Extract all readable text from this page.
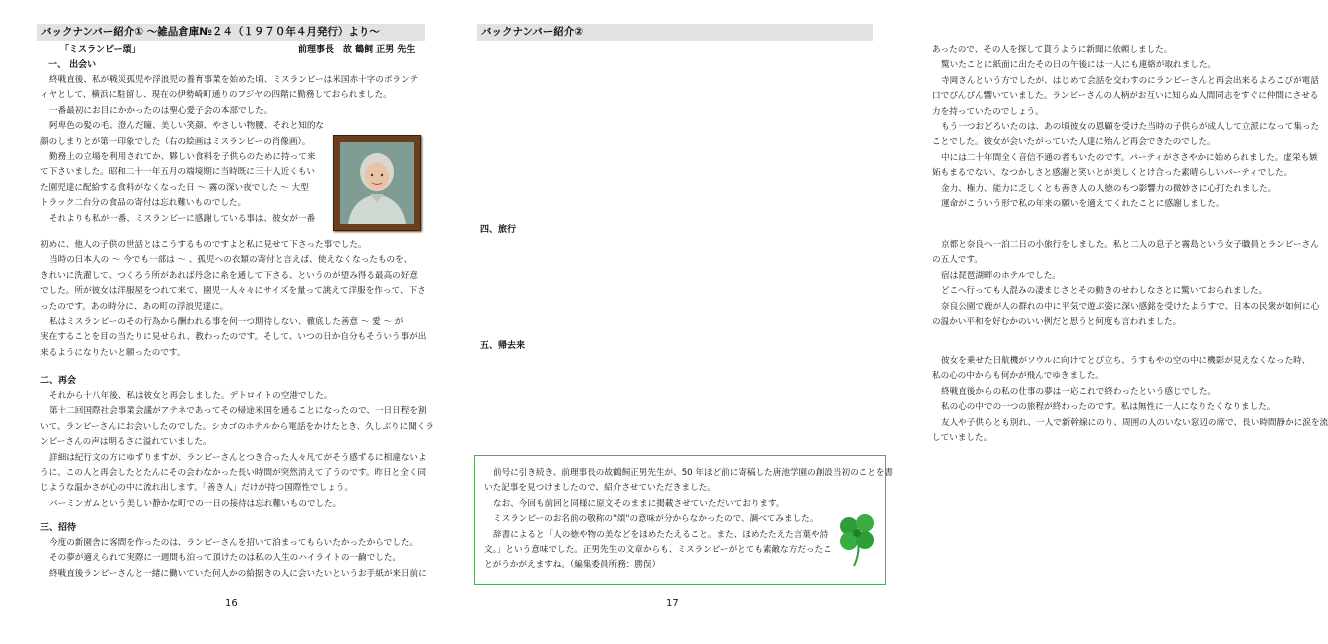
バックナンバー紹介① 〜雑品倉庫№２４（１９７０年４月発行）より〜
「ミスランピー頌」	前理事長　故 鶴飼 正男 先生
一、 出会い
終戦直後、私が戦災孤児や浮浪児の養育事業を始めた頃、ミスランピーは米国赤十字のボランテ
ィヤとして、横浜に駐留し、現在の伊勢崎町通りのフジヤの四階に勤務しておられました。
一番最初にお目にかかったのは聖心愛子会の本部でした。
阿卑色の髪の毛、澄んだ瞳、美しい笑顔、やさしい物腰、それと知的な
顔のしまりとが第一印象でした（右の絵画はミスランピーの肖像画）。
勤務上の立場を利用されてか、夥しい食料を子供らのために持って来
て下さいました。昭和二十一年五月の端境期に当時既に三十人近くもい
た園児達に配給する食料がなくなった日 〜 霧の深い夜でした 〜 大型
トラック二台分の食品の寄付は忘れ難いものでした。
それよりも私が一番、ミスランピーに感謝している事は、彼女が一番
初めに、他人の子供の世話とはこうするものですよと私に見せて下さった事でした。
当時の日本人の 〜 今でも一部は 〜 、孤児への衣類の寄付と言えば、使えなくなったものを、
きれいに洗濯して、つくろう所があれば丹念に糸を通して下さる、というのが望み得る最高の好意
でした。所が彼女は洋服屋をつれて来て、園児一人々々にサイズを量って誂えて洋服を作って、下さ
ったのです。あの時分に、あの町の浮浪児達に。
私はミスランピーのその行為から酬われる事を何一つ期待しない、徹底した善意 〜 愛 〜 が
実在することを目の当たりに見せられ、教わったのです。そして、いつの日か自分もそういう事が出
来るようになりたいと願ったのです。
二、再会
それから十八年後、私は彼女と再会しました。デトロイトの空港でした。
第十二回国際社会事業会議がアテネであってその帰途米国を通ることになったので、一日日程を割
いて、ランピーさんにお会いしたのでした。シカゴのホテルから電話をかけたとき、久しぶりに聞くラ
ンピーさんの声は明るさに溢れていました。
詳細は紀行文の方にゆずりますが、ランピーさんとつき合った人々凡てがそう感ずるに相違ないよ
うに、この人と再会したとたんにその会わなかった長い時間が突然消えて了うのです。昨日と全く同
じような温かさが心の中に流れ出します。「善き人」だけが持つ国際性でしょう。
バーミンガムという美しい静かな町での一日の接待は忘れ難いものでした。
三、招待
今度の新園舎に客間を作ったのは、ランピーさんを招いて泊まってもらいたかったからでした。
その夢が適えられて実際に一週間も泊って頂けたのは私の人生のハイライトの一齣でした。
終戦直後ランピーさんと一緒に働いていた何人かの給据きの人に会いたいというお手紙が来日前に
16
バックナンバー紹介②
あったので、その人を探して貰うように新聞に依頼しました。
驚いたことに紙面に出たその日の午後には一人にも連絡が取れました。
寺岡さんという方でしたが、はじめて会話を交わすのにランピーさんと再会出来るよろこびが電話
口でぴんぴん響いていました。ランピーさんの人柄がお互いに知らぬ人間同志をすぐに仲間にさせる
力を持っていたのでしょう。
もう一つおどろいたのは、あの頃彼女の恩顧を受けた当時の子供らが成人して立派になって集った
ことでした。彼女が会いたがっていた人達に殆んど再会できたのでした。
中には二十年間全く音信不通の者もいたのです。パーティがささやかに始められました。虚栄も嫉
妬もまるでない、なつかしさと感謝と笑いとが美しくとけ合った素晴らしいパーティでした。
金力、権力、能力に乏しくとも善き人の人徳のもつ影響力の微妙さに心打たれました。
運命がこういう形で私の年来の願いを適えてくれたことに感謝しました。
四、旅行
京都と奈良へ一泊二日の小旅行をしました。私と二人の息子と霧島という女子職員とランピーさん
の五人です。
宿は琵琶湖畔のホテルでした。
どこへ行っても人混みの凄まじさとその動きのせわしなさとに驚いておられました。
奈良公園で鹿が人の群れの中に平気で遊ぶ姿に深い感銘を受けたようすで、日本の民衆が如何に心
の温かい平和を好むかのいい例だと思うと何度も言われました。
五、帰去来
彼女を乗せた日航機がソウルに向けてとび立ち、うすもやの空の中に機影が見えなくなった時、
私の心の中からも何かが飛んでゆきました。
終戦直後からの私の仕事の夢は一応これで終わったという感じでした。
私の心の中での一つの旅程が終わったのです。私は無性に一人になりたくなりました。
友人や子供らとも別れ、一人で新幹線にのり、周囲の人のいない窓辺の席で、長い時間静かに涙を流
していました。
17
前号に引き続き、前理事長の故鶴飼正男先生が、50 年ほど前に寄稿した唐池学園の創設当初のことを書
いた記事を見つけましたので、紹介させていただきました。
なお、今回も前回と同様に原文そのままに掲載させていただいております。
ミスランピーのお名前の敬称の"頌"の意味が分からなかったので、調べてみました。
辞書によると「人の徳や物の美などをほめたたえること。また、ほめたたえた言葉や詩
文。」という意味でした。正男先生の文章からも、ミスランピーがとても素敵な方だったこ
とがうかがえますね。（編集委員所務：勝俣）
